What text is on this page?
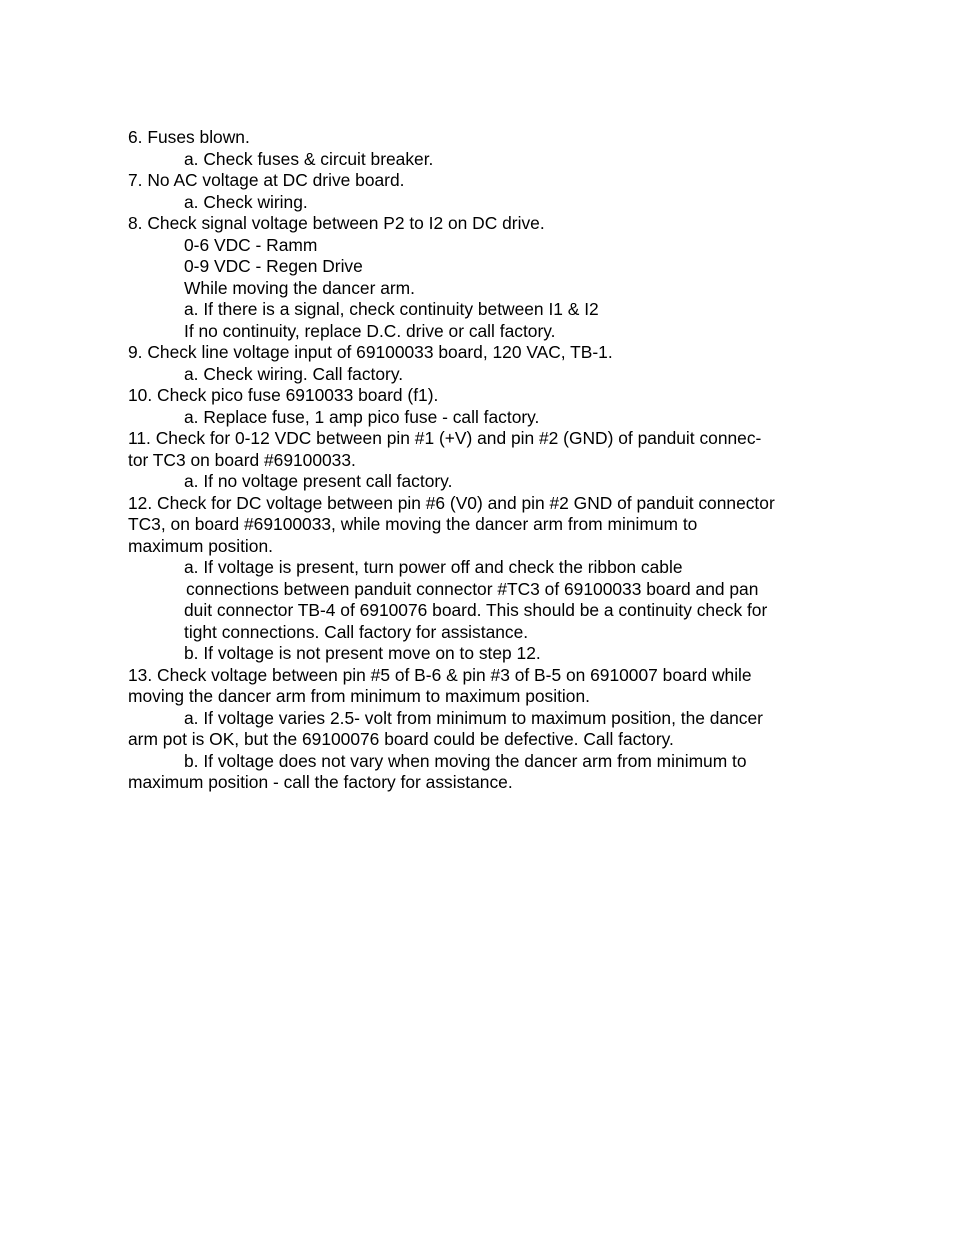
6. Fuses blown.
a. Check fuses & circuit breaker.
7. No AC voltage at DC drive board.
a. Check wiring.
8. Check signal voltage between P2 to I2 on DC drive.
0-6 VDC - Ramm
0-9 VDC - Regen Drive
While moving the dancer arm.
a. If there is a signal, check continuity between I1 & I2
If no continuity, replace D.C. drive or call factory.
9. Check line voltage input of 69100033 board, 120 VAC, TB-1.
a. Check wiring. Call factory.
10. Check pico fuse 6910033 board (f1).
a. Replace fuse, 1 amp pico fuse - call factory.
11. Check for 0-12 VDC between pin #1 (+V) and pin #2 (GND) of panduit connec-
tor TC3 on board #69100033.
a. If no voltage present call factory.
12. Check for DC voltage between pin #6 (V0) and pin #2 GND of panduit connector
TC3, on board #69100033, while moving the dancer arm from minimum to
maximum position.
a. If voltage is present, turn power off and check the ribbon cable
connections between panduit connector #TC3 of 69100033 board and pan
duit connector TB-4 of 6910076 board. This should be a continuity check for
tight connections. Call factory for assistance.
b. If voltage is not present move on to step 12.
13. Check voltage between pin #5 of B-6 & pin #3 of B-5 on 6910007 board while
moving the dancer arm from minimum to maximum position.
a. If voltage varies 2.5- volt from minimum to maximum position, the dancer
arm pot is OK, but the 69100076 board could be defective. Call factory.
b. If voltage does not vary when moving the dancer arm from minimum to
maximum position - call the factory for assistance.
